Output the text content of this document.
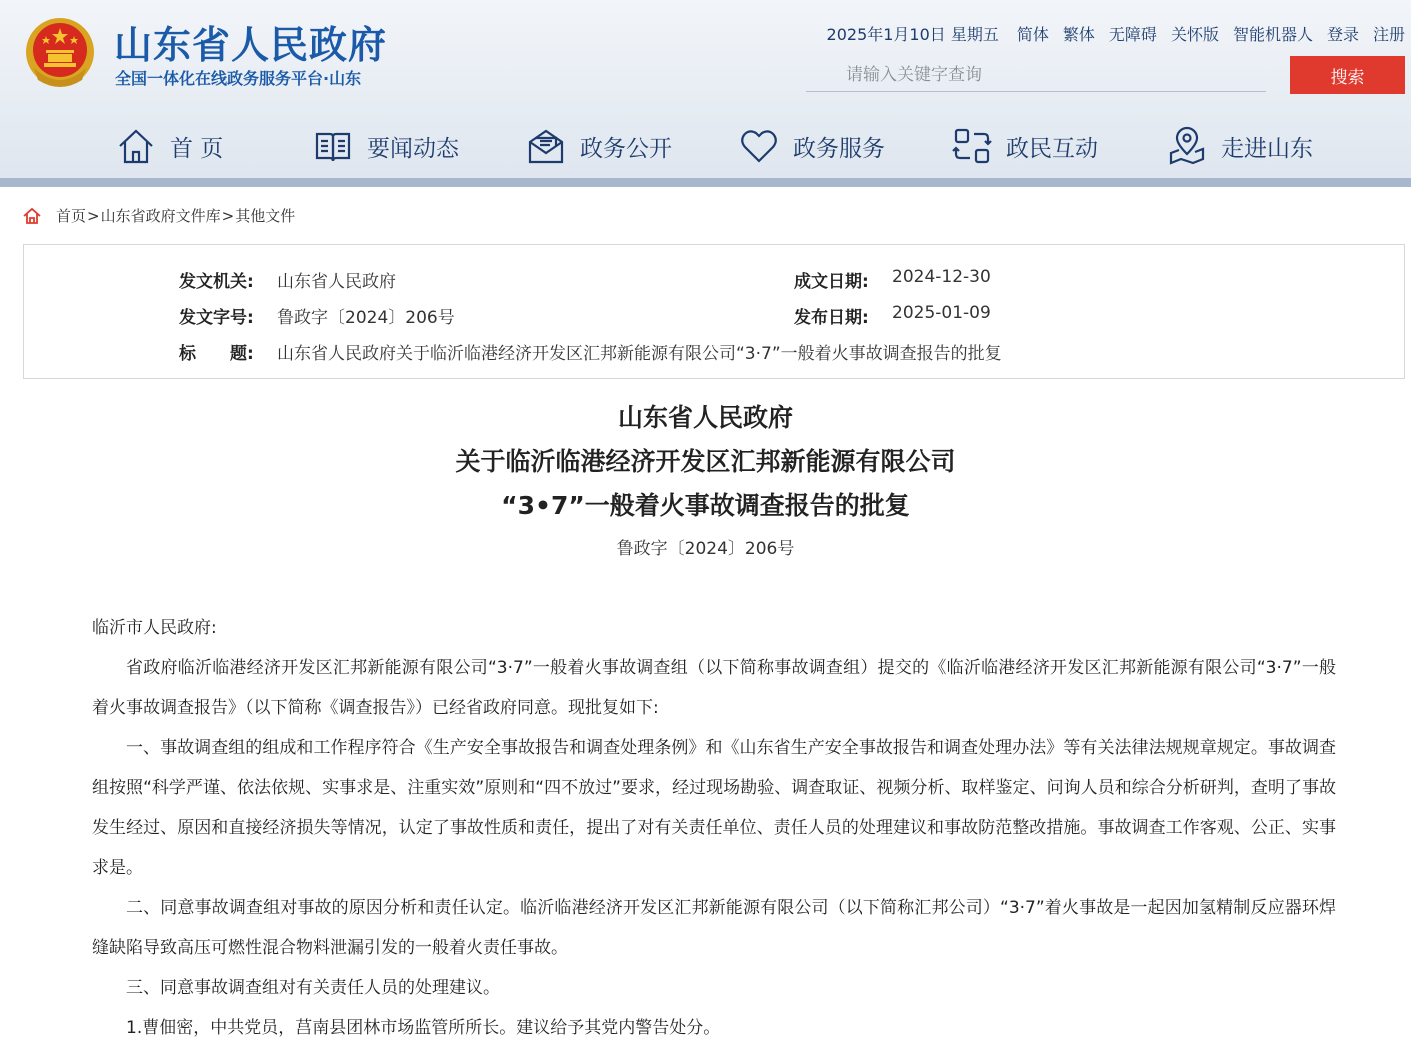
山东省人民政府
全国一体化在线政务服务平台·山东
2025年1月10日 星期五 简体 繁体 无障碍 关怀版 智能机器人 登录 注册
请输入关键字查询
搜索
首 页	要闻动态	政务公开	政务服务	政民互动	走进山东
首页 > 山东省政府文件库 > 其他文件
发文机关: 山东省人民政府	成文日期: 2024-12-30
发文字号: 鲁政字〔2024〕206号	发布日期: 2025-01-09
标　　题: 山东省人民政府关于临沂临港经济开发区汇邦新能源有限公司“3·7”一般着火事故调查报告的批复
山东省人民政府
关于临沂临港经济开发区汇邦新能源有限公司
“3•7”一般着火事故调查报告的批复
鲁政字〔2024〕206号
临沂市人民政府:

省政府临沂临港经济开发区汇邦新能源有限公司“3·7”一般着火事故调查组（以下简称事故调查组）提交的《临沂临港经济开发区汇邦新能源有限公司“3·7”一般着火事故调查报告》（以下简称《调查报告》）已经省政府同意。现批复如下:

一、事故调查组的组成和工作程序符合《生产安全事故报告和调查处理条例》和《山东省生产安全事故报告和调查处理办法》等有关法律法规规章规定。事故调查组按照“科学严谨、依法依规、实事求是、注重实效”原则和“四不放过”要求，经过现场勘验、调查取证、视频分析、取样鉴定、问询人员和综合分析研判，查明了事故发生经过、原因和直接经济损失等情况，认定了事故性质和责任，提出了对有关责任单位、责任人员的处理建议和事故防范整改措施。事故调查工作客观、公正、实事求是。

二、同意事故调查组对事故的原因分析和责任认定。临沂临港经济开发区汇邦新能源有限公司（以下简称汇邦公司）“3·7”着火事故是一起因加氢精制反应器环焊缝缺陷导致高压可燃性混合物料泄漏引发的一般着火责任事故。

三、同意事故调查组对有关责任人员的处理建议。

1.曹佃密，中共党员，莒南县团林市场监管所所长。建议给予其党内警告处分。
